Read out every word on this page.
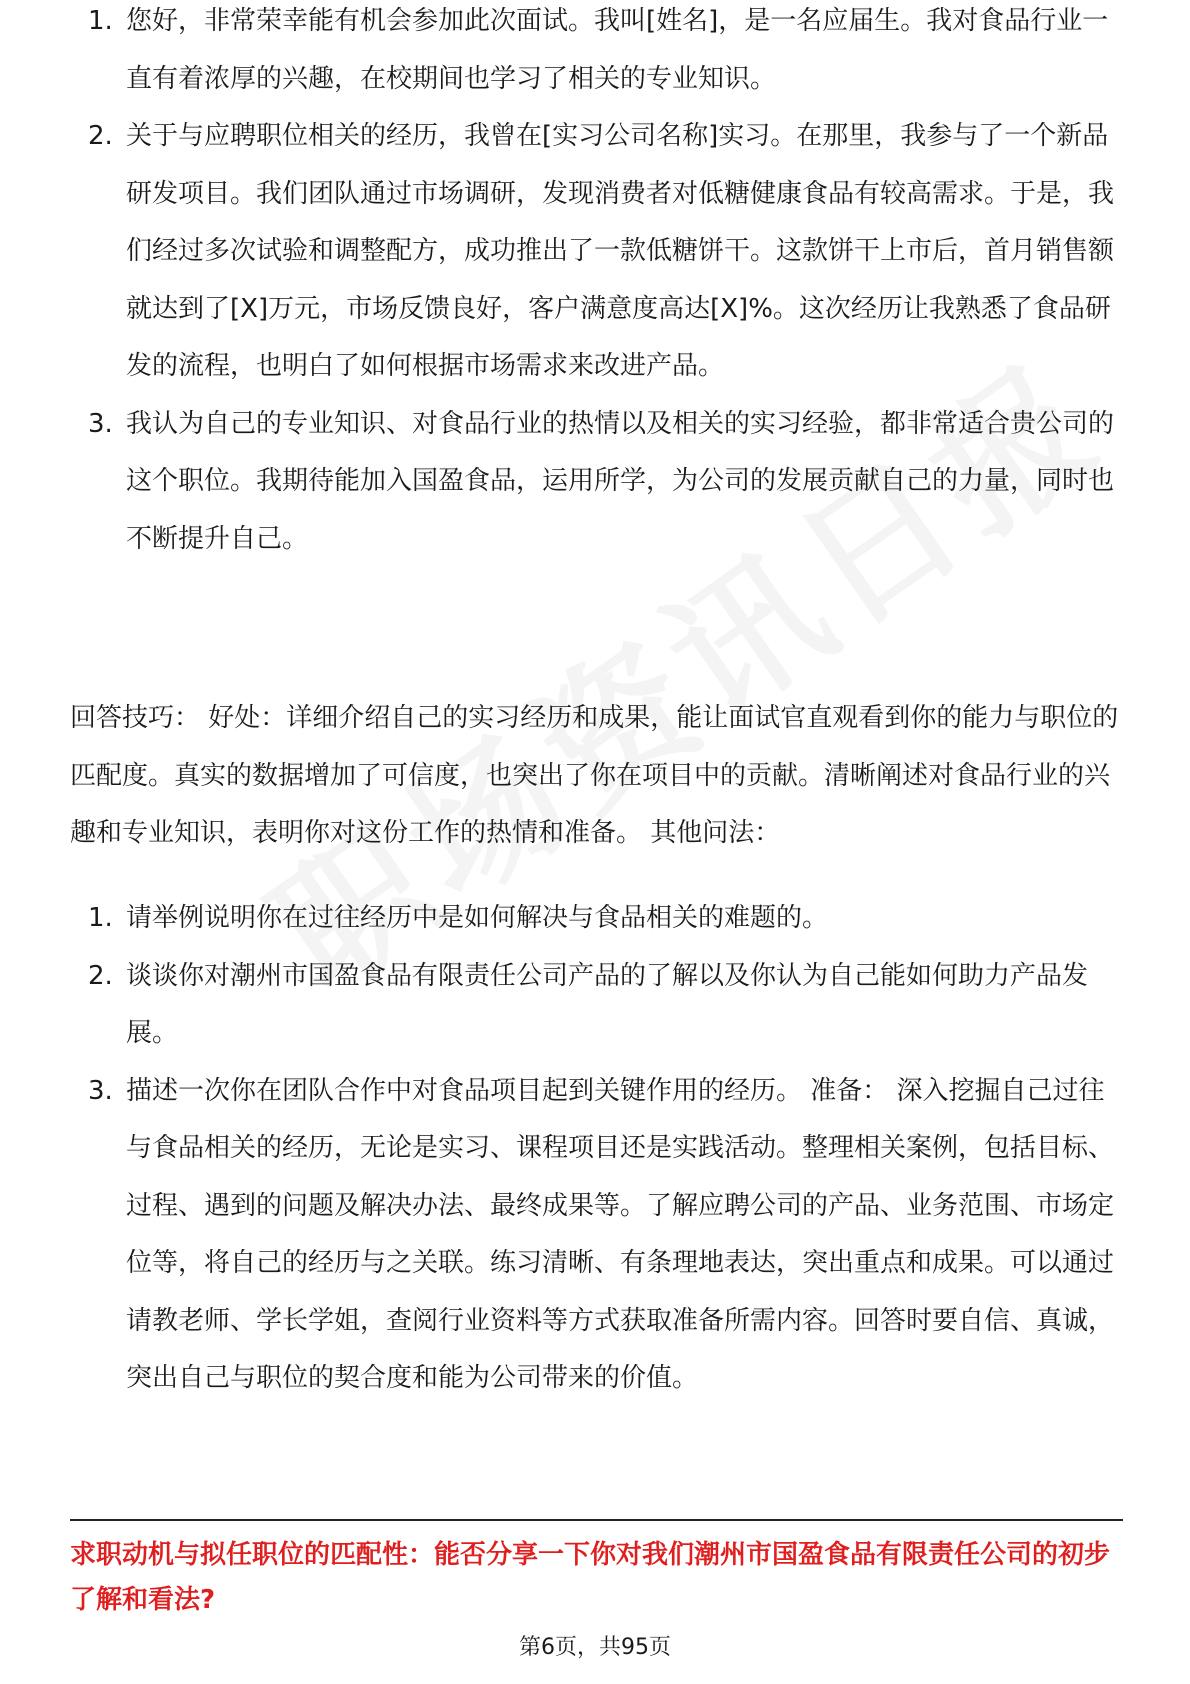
1. 您好，非常荣幸能有机会参加此次面试。我叫[姓名]，是一名应届生。我对食品行业一直有着浓厚的兴趣，在校期间也学习了相关的专业知识。
2. 关于与应聘职位相关的经历，我曾在[实习公司名称]实习。在那里，我参与了一个新品研发项目。我们团队通过市场调研，发现消费者对低糖健康食品有较高需求。于是，我们经过多次试验和调整配方，成功推出了一款低糖饼干。这款饼干上市后，首月销售额就达到了[X]万元，市场反馈良好，客户满意度高达[X]%。这次经历让我熟悉了食品研发的流程，也明白了如何根据市场需求来改进产品。
3. 我认为自己的专业知识、对食品行业的热情以及相关的实习经验，都非常适合贵公司的这个职位。我期待能加入国盈食品，运用所学，为公司的发展贡献自己的力量，同时也不断提升自己。

回答技巧： 好处：详细介绍自己的实习经历和成果，能让面试官直观看到你的能力与职位的匹配度。真实的数据增加了可信度，也突出了你在项目中的贡献。清晰阐述对食品行业的兴趣和专业知识，表明你对这份工作的热情和准备。 其他问法：

1. 请举例说明你在过往经历中是如何解决与食品相关的难题的。
2. 谈谈你对潮州市国盈食品有限责任公司产品的了解以及你认为自己能如何助力产品发展。
3. 描述一次你在团队合作中对食品项目起到关键作用的经历。 准备： 深入挖掘自己过往与食品相关的经历，无论是实习、课程项目还是实践活动。整理相关案例，包括目标、过程、遇到的问题及解决办法、最终成果等。了解应聘公司的产品、业务范围、市场定位等，将自己的经历与之关联。练习清晰、有条理地表达，突出重点和成果。可以通过请教老师、学长学姐，查阅行业资料等方式获取准备所需内容。回答时要自信、真诚，突出自己与职位的契合度和能为公司带来的价值。

求职动机与拟任职位的匹配性：能否分享一下你对我们潮州市国盈食品有限责任公司的初步了解和看法?

第6页，共95页
